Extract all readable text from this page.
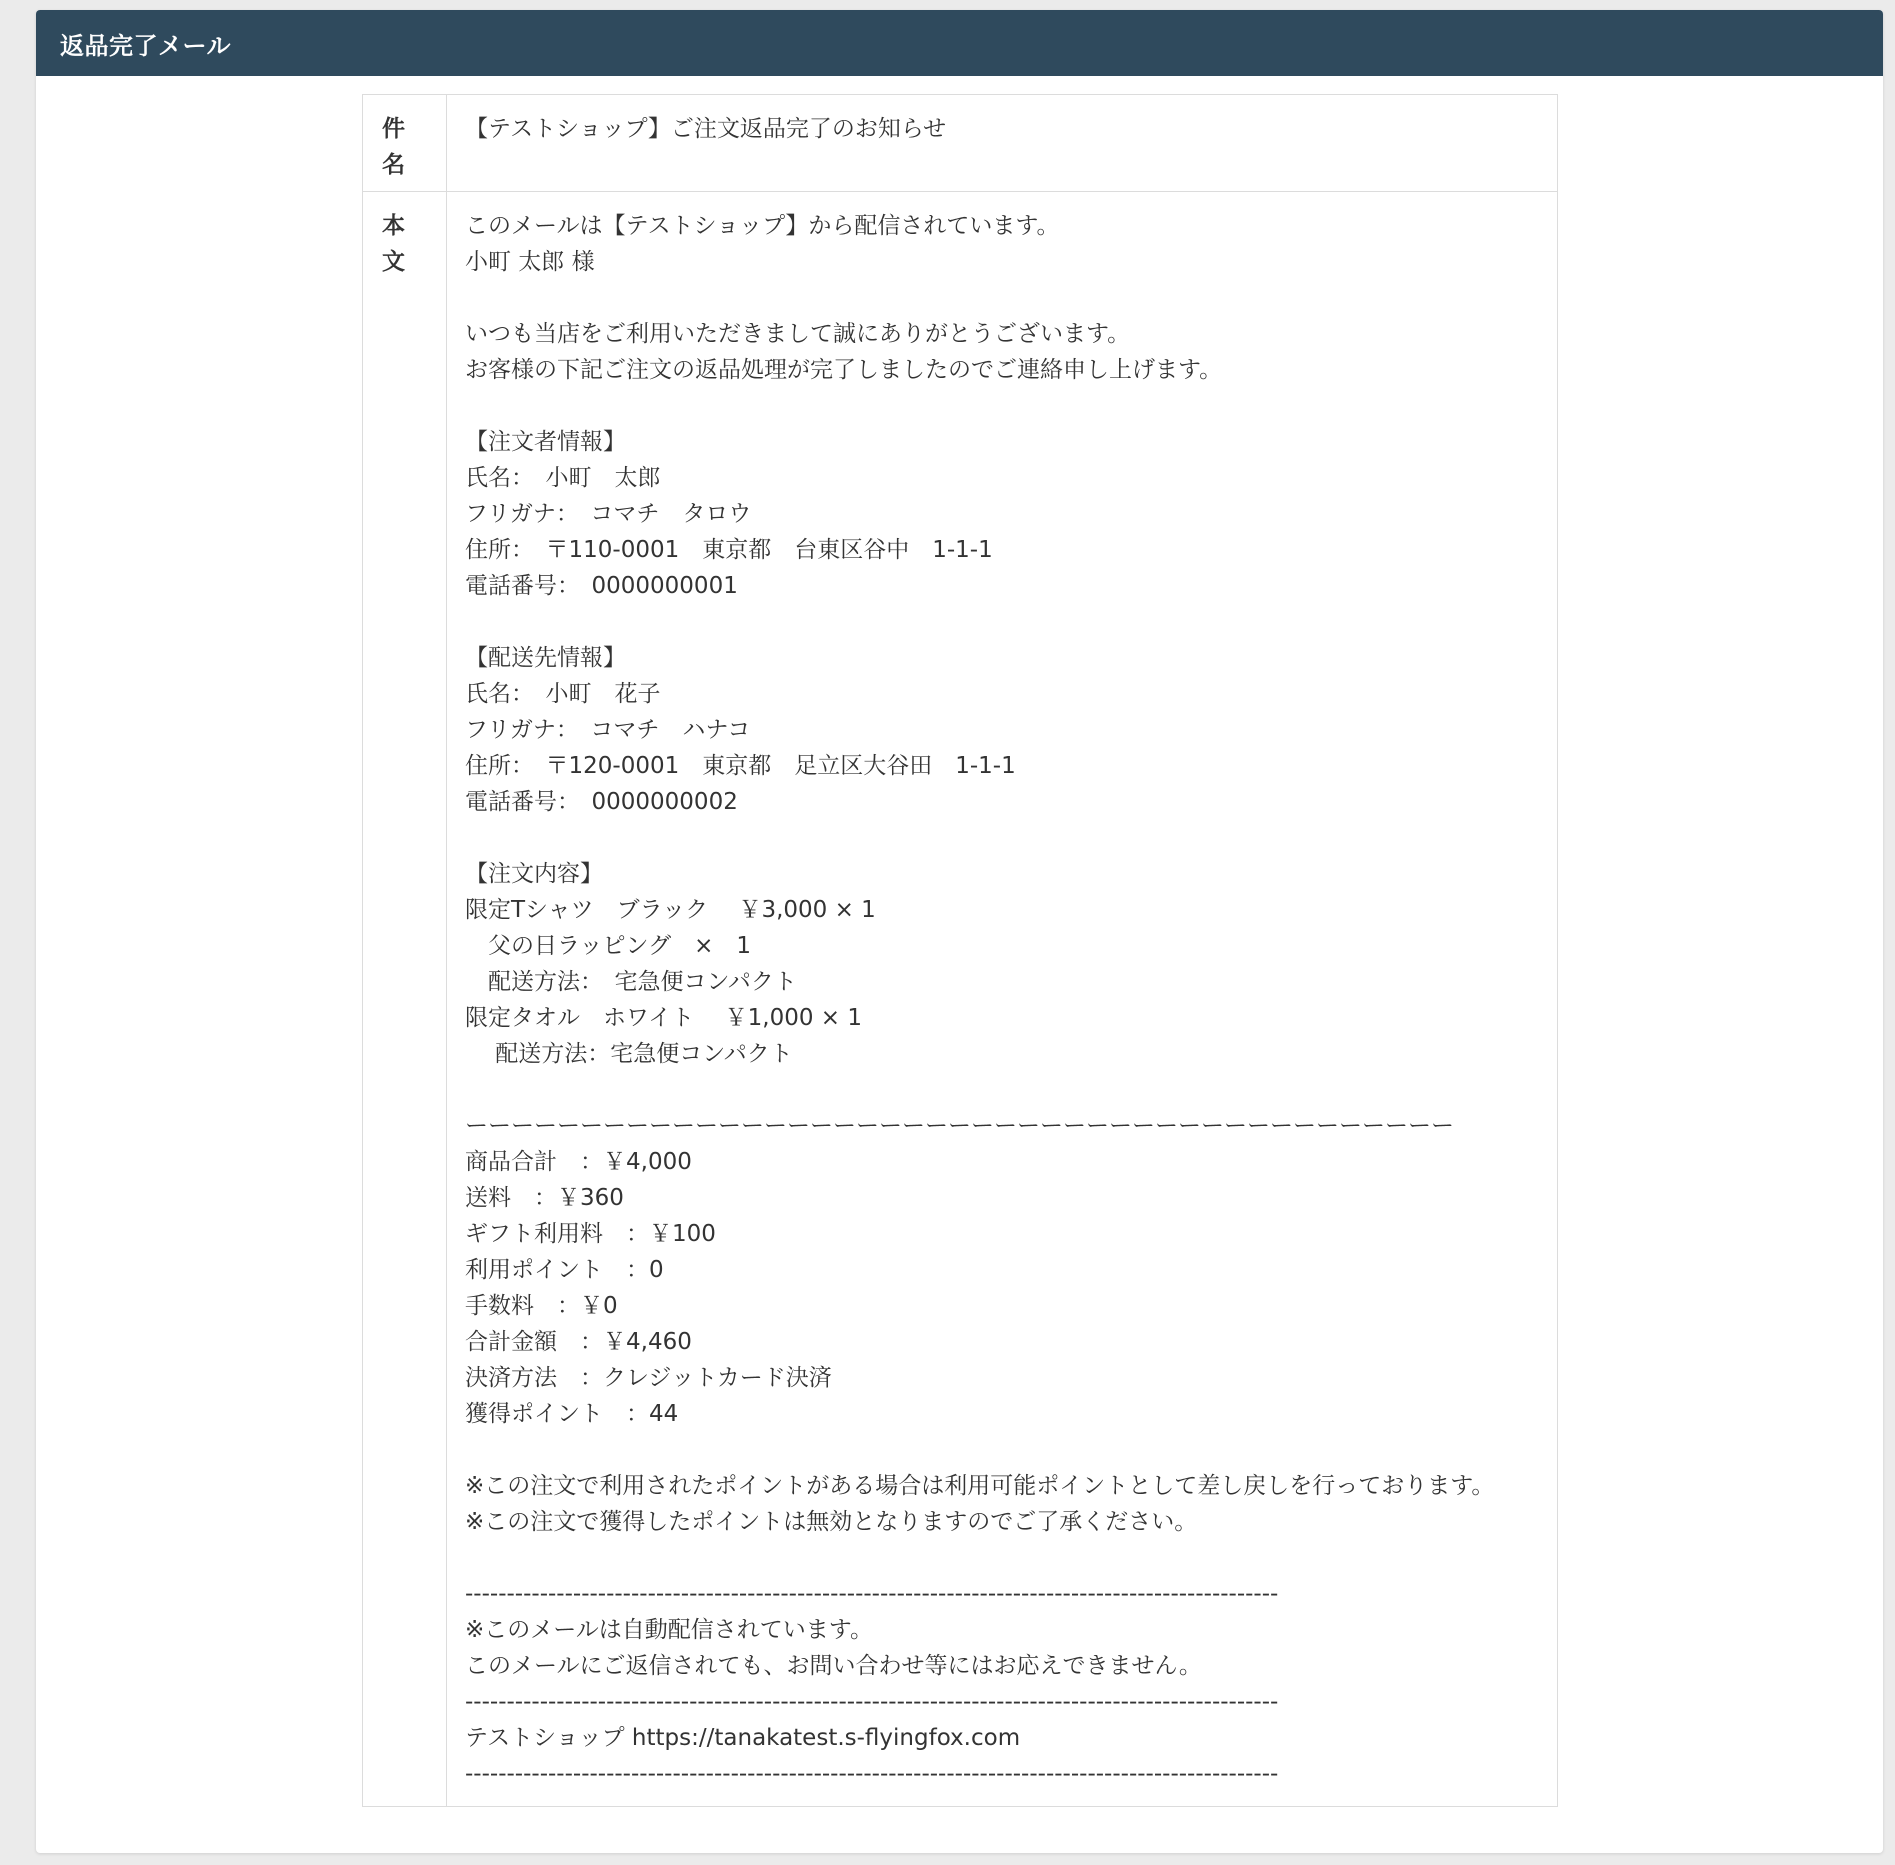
返品完了メール
件
名
【テストショップ】ご注文返品完了のお知らせ
本
文
このメールは【テストショップ】から配信されています。
小町 太郎 様
いつも当店をご利用いただきまして誠にありがとうございます。
お客様の下記ご注文の返品処理が完了しましたのでご連絡申し上げます。
【注文者情報】
氏名：　小町　太郎
フリガナ：　コマチ　タロウ
住所：　〒110-0001　東京都　台東区谷中　1-1-1
電話番号：　0000000001
【配送先情報】
氏名：　小町　花子
フリガナ：　コマチ　ハナコ
住所：　〒120-0001　東京都　足立区大谷田　1-1-1
電話番号：　0000000002
【注文内容】
限定Tシャツ　ブラック　 ￥3,000 × 1
　父の日ラッピング　×　1
　配送方法：　宅急便コンパクト
限定タオル　ホワイト　 ￥1,000 × 1
　 配送方法：宅急便コンパクト
ーーーーーーーーーーーーーーーーーーーーーーーーーーーーーーーーーーーーーーーーーーー
商品合計　：￥4,000
送料　：￥360
ギフト利用料　：￥100
利用ポイント　：0
手数料　：￥0
合計金額　：￥4,460
決済方法　：クレジットカード決済
獲得ポイント　：44
※この注文で利用されたポイントがある場合は利用可能ポイントとして差し戻しを行っております。
※この注文で獲得したポイントは無効となりますのでご了承ください。
--------------------------------------------------------------------------------------------------
※このメールは自動配信されています。
このメールにご返信されても、お問い合わせ等にはお応えできません。
--------------------------------------------------------------------------------------------------
テストショップ https://tanakatest.s-flyingfox.com
--------------------------------------------------------------------------------------------------
